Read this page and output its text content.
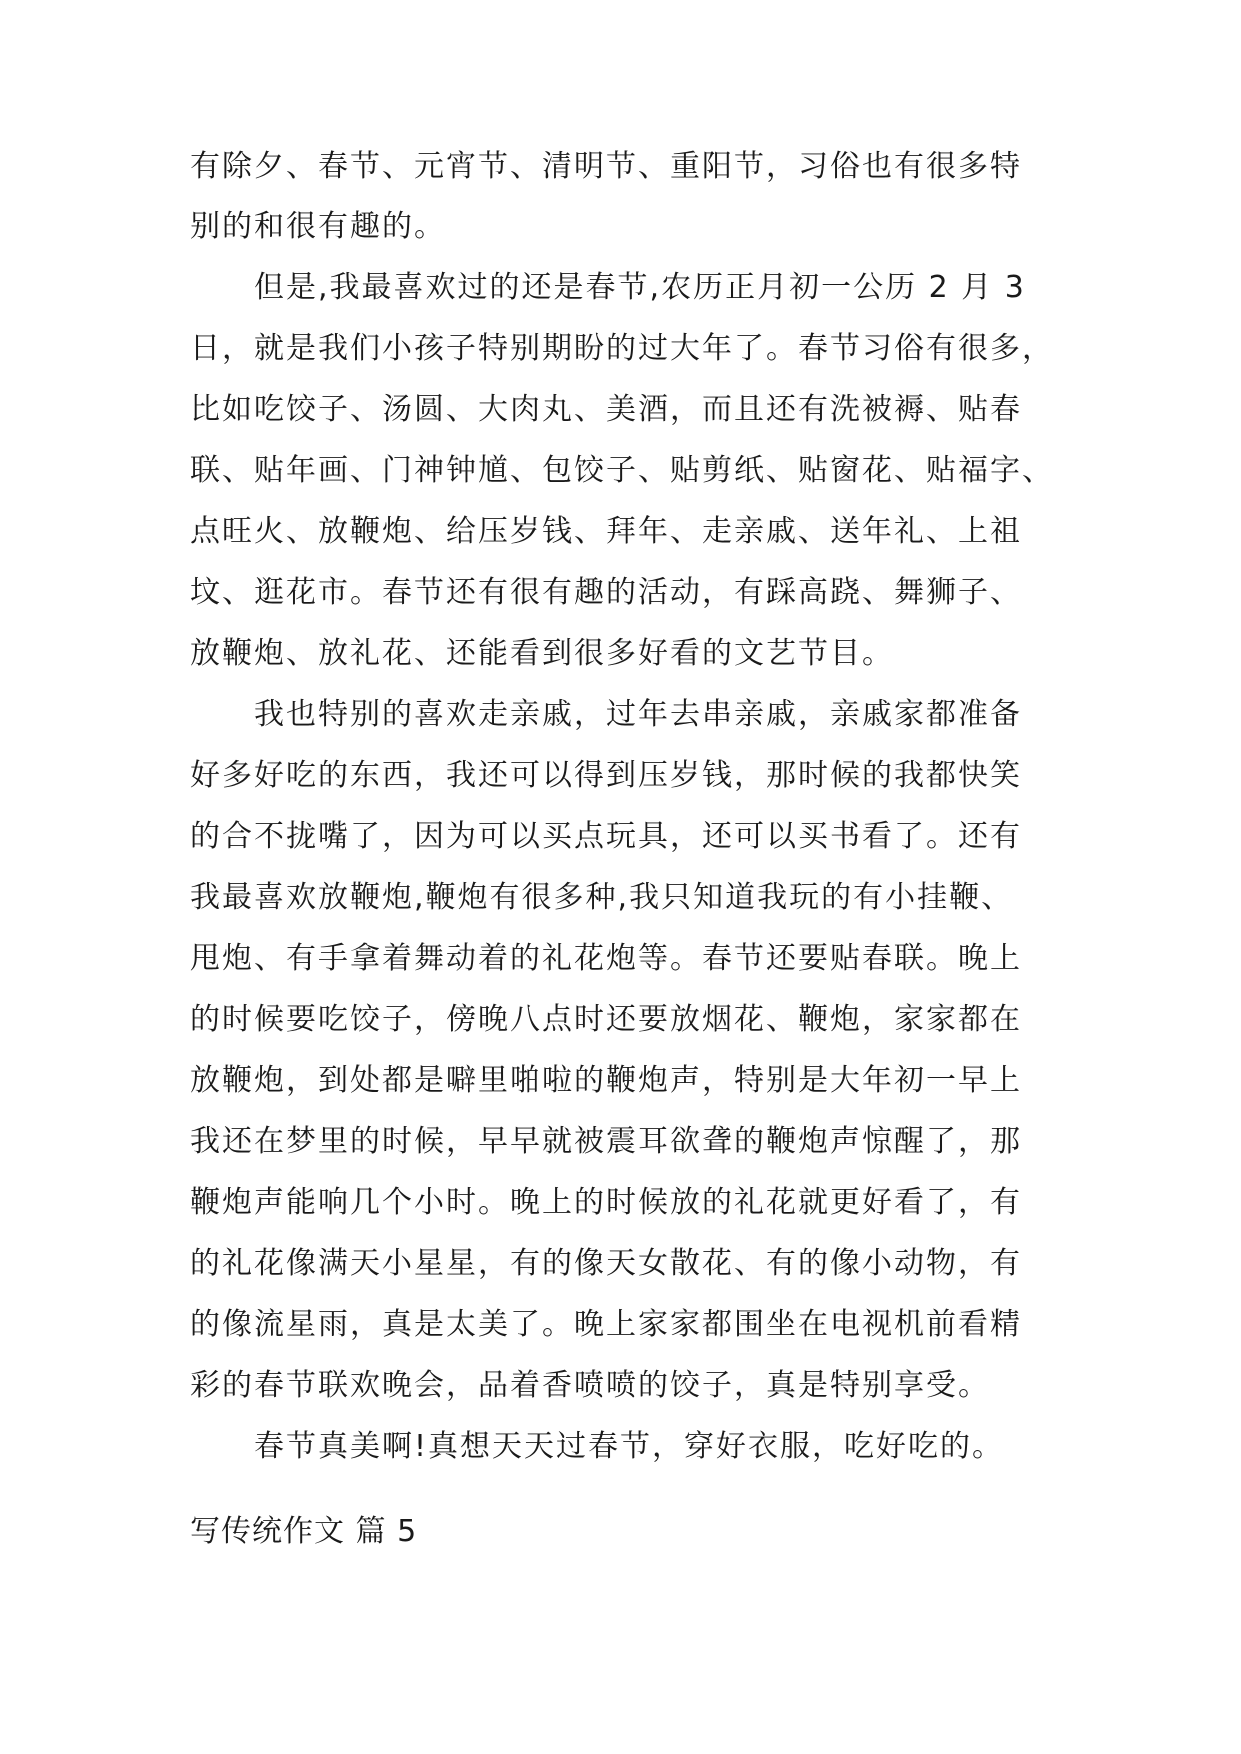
有除夕、春节、元宵节、清明节、重阳节，习俗也有很多特
别的和很有趣的。
但是,我最喜欢过的还是春节,农历正月初一公历 2 月 3
日，就是我们小孩子特别期盼的过大年了。春节习俗有很多，
比如吃饺子、汤圆、大肉丸、美酒，而且还有洗被褥、贴春
联、贴年画、门神钟馗、包饺子、贴剪纸、贴窗花、贴福字、
点旺火、放鞭炮、给压岁钱、拜年、走亲戚、送年礼、上祖
坟、逛花市。春节还有很有趣的活动，有踩高跷、舞狮子、
放鞭炮、放礼花、还能看到很多好看的文艺节目。
我也特别的喜欢走亲戚，过年去串亲戚，亲戚家都准备
好多好吃的东西，我还可以得到压岁钱，那时候的我都快笑
的合不拢嘴了，因为可以买点玩具，还可以买书看了。还有
我最喜欢放鞭炮,鞭炮有很多种,我只知道我玩的有小挂鞭、
甩炮、有手拿着舞动着的礼花炮等。春节还要贴春联。晚上
的时候要吃饺子，傍晚八点时还要放烟花、鞭炮，家家都在
放鞭炮，到处都是噼里啪啦的鞭炮声，特别是大年初一早上
我还在梦里的时候，早早就被震耳欲聋的鞭炮声惊醒了，那
鞭炮声能响几个小时。晚上的时候放的礼花就更好看了，有
的礼花像满天小星星，有的像天女散花、有的像小动物，有
的像流星雨，真是太美了。晚上家家都围坐在电视机前看精
彩的春节联欢晚会，品着香喷喷的饺子，真是特别享受。
春节真美啊!真想天天过春节，穿好衣服，吃好吃的。
写传统作文 篇 5
